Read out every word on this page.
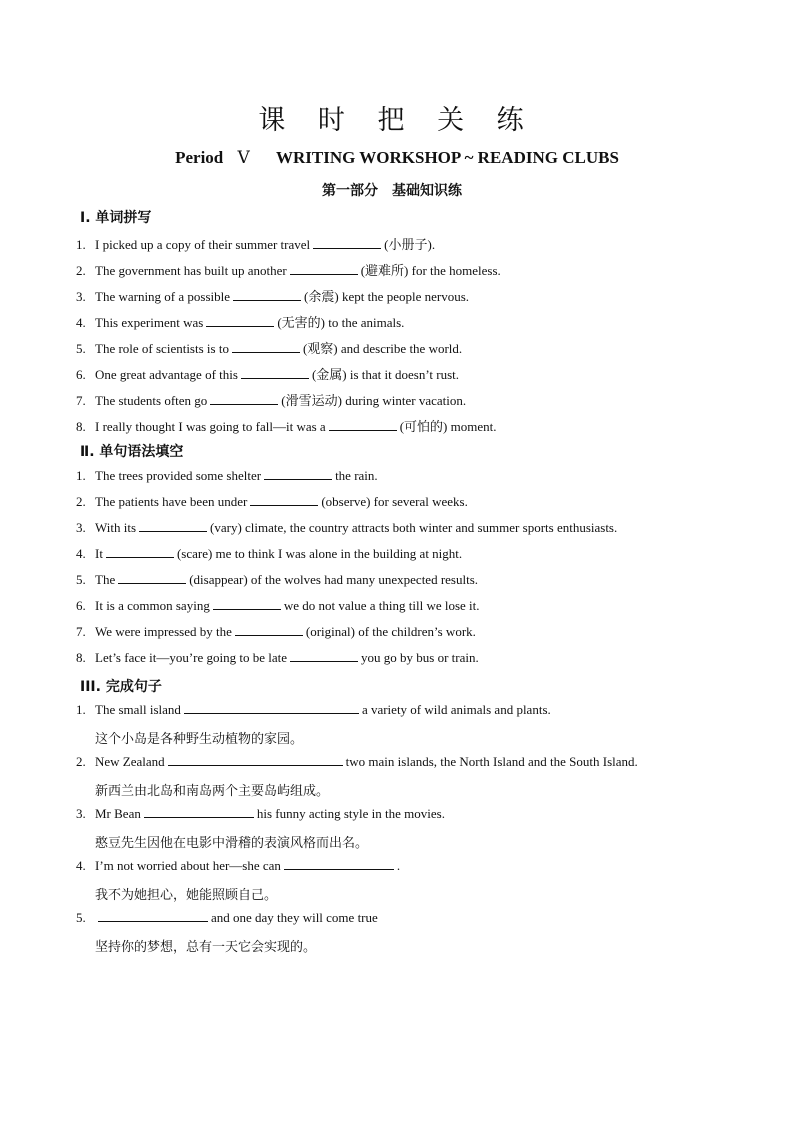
课 时 把 关 练
Period Ⅴ WRITING WORKSHOP ~ READING CLUBS
第一部分　基础知识练
Ⅰ. 单词拼写
1. I picked up a copy of their summer travel	(小册子).
2. The government has built up another	(避难所) for the homeless.
3. The warning of a possible	(余震) kept the people nervous.
4. This experiment was	(无害的) to the animals.
5. The role of scientists is to	(观察) and describe the world.
6. One great advantage of this	(金属) is that it doesn’t rust.
7. The students often go	(滑雪运动) during winter vacation.
8. I really thought I was going to fall—it was a	(可怕的) moment.
Ⅱ. 单句语法填空
1. The trees provided some shelter	the rain.
2. The patients have been under	(observe) for several weeks.
3. With its	(vary) climate, the country attracts both winter and summer sports enthusiasts.
4. It	(scare) me to think I was alone in the building at night.
5. The	(disappear) of the wolves had many unexpected results.
6. It is a common saying	we do not value a thing till we lose it.
7. We were impressed by the	(original) of the children’s work.
8. Let’s face it—you’re going to be late	you go by bus or train.
III. 完成句子
1. The small island	a variety of wild animals and plants.
这个小岛是各种野生动植物的家园。
2. New Zealand	two main islands, the North Island and the South Island.
新西兰由北岛和南岛两个主要岛屿组成。
3. Mr Bean	his funny acting style in the movies.
憨豆先生因他在电影中滑稽的表演风格而出名。
4. I’m not worried about her—she can	.
我不为她担心，她能照顾自己。
5.	and one day they will come true
坚持你的梦想，总有一天它会实现的。
